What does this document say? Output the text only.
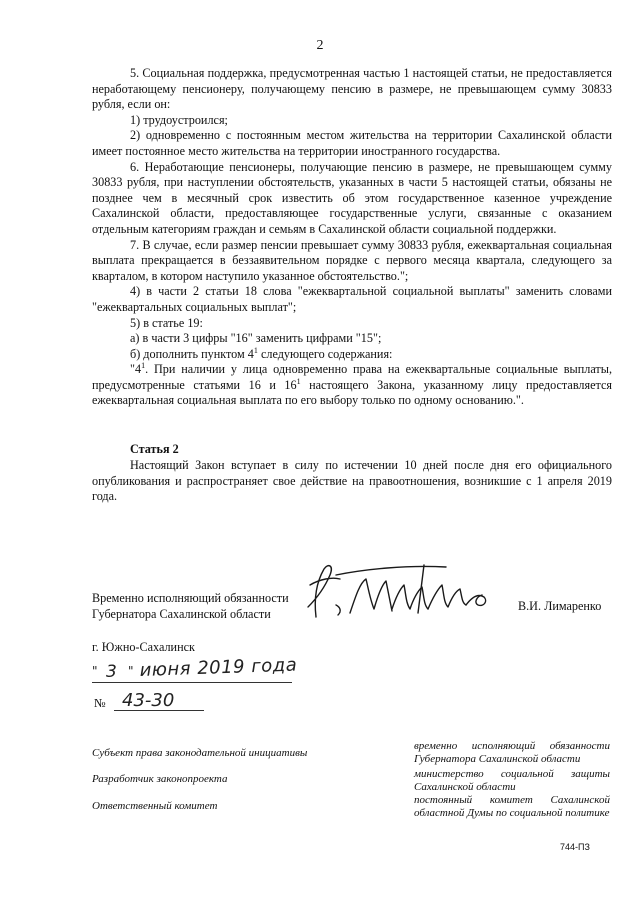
2

5. Социальная поддержка, предусмотренная частью 1 настоящей статьи, не предоставляется неработающему пенсионеру, получающему пенсию в размере, не превышающем сумму 30833 рубля, если он:

1) трудоустроился;

2) одновременно с постоянным местом жительства на территории Сахалинской области имеет постоянное место жительства на территории иностранного государства.

6. Неработающие пенсионеры, получающие пенсию в размере, не превышающем сумму 30833 рубля, при наступлении обстоятельств, указанных в части 5 настоящей статьи, обязаны не позднее чем в месячный срок известить об этом государственное казенное учреждение Сахалинской области, предоставляющее государственные услуги, связанные с оказанием отдельным категориям граждан и семьям в Сахалинской области социальной поддержки.

7. В случае, если размер пенсии превышает сумму 30833 рубля, ежеквартальная социальная выплата прекращается в беззаявительном порядке с первого месяца квартала, следующего за кварталом, в котором наступило указанное обстоятельство.";

4) в части 2 статьи 18 слова "ежеквартальной социальной выплаты" заменить словами "ежеквартальных социальных выплат";

5) в статье 19:

а) в части 3 цифры "16" заменить цифрами "15";

б) дополнить пунктом $4^1$ следующего содержания:

"$4^1$. При наличии у лица одновременно права на ежеквартальные социальные выплаты, предусмотренные статьями 16 и $16^1$ настоящего Закона, указанному лицу предоставляется ежеквартальная социальная выплата по его выбору только по одному основанию.".

Статья 2

Настоящий Закон вступает в силу по истечении 10 дней после дня его официального опубликования и распространяет свое действие на правоотношения, возникшие с 1 апреля 2019 года.

Временно исполняющий обязанности
Губернатора Сахалинской области
В.И. Лимаренко
г. Южно-Сахалинск
" 3 " июня 2019 года
№ 43-30
Субъект права законодательной инициативы
временно исполняющий обязанности Губернатора Сахалинской области
Разработчик законопроекта	министерство социальной защиты Сахалинской области
Ответственный комитет	постоянный комитет Сахалинской областной Думы по социальной политике
744-ПЗ
